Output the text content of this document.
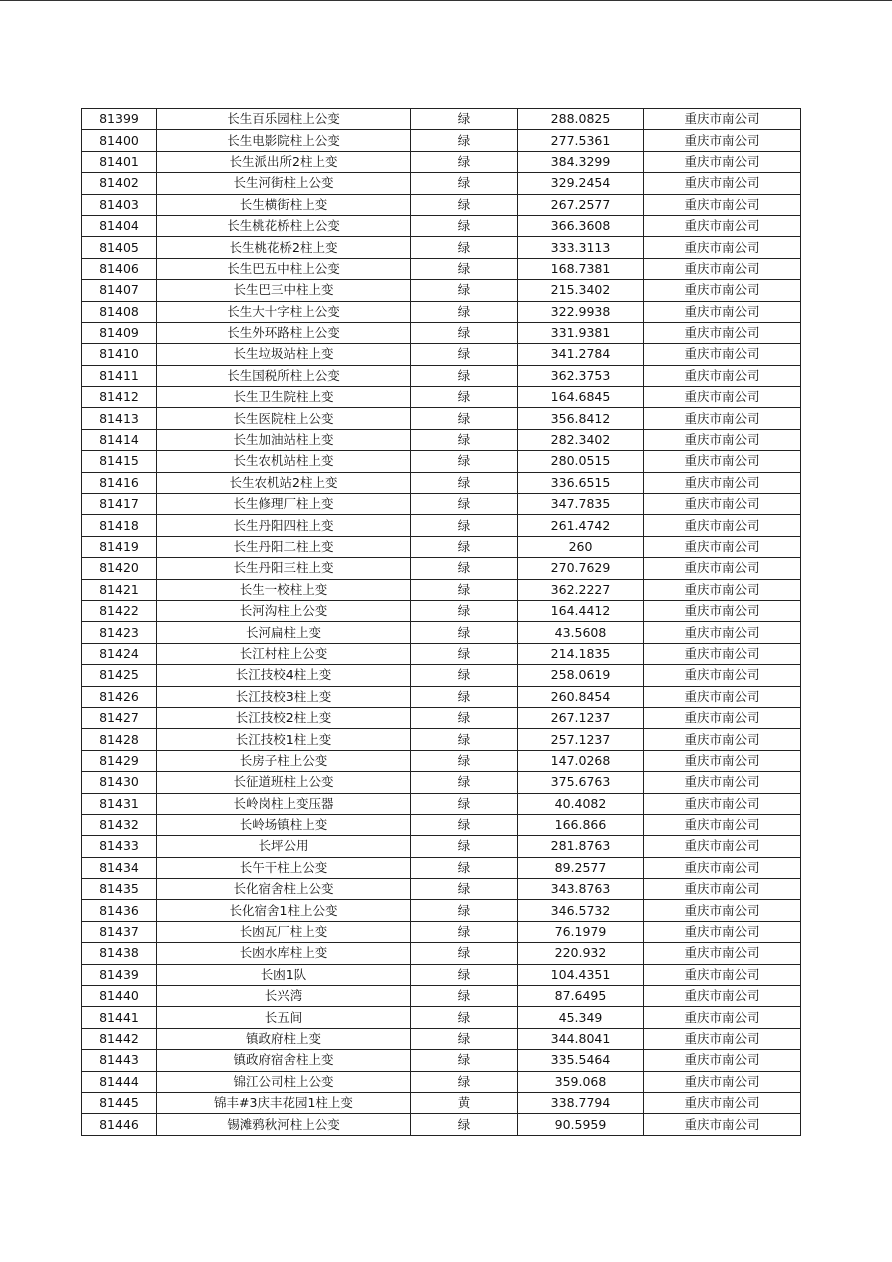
81399	长生百乐园柱上公变	绿	288.0825	重庆市南公司
81400	长生电影院柱上公变	绿	277.5361	重庆市南公司
81401	长生派出所2柱上变	绿	384.3299	重庆市南公司
81402	长生河街柱上公变	绿	329.2454	重庆市南公司
81403	长生横街柱上变	绿	267.2577	重庆市南公司
81404	长生桃花桥柱上公变	绿	366.3608	重庆市南公司
81405	长生桃花桥2柱上变	绿	333.3113	重庆市南公司
81406	长生巴五中柱上公变	绿	168.7381	重庆市南公司
81407	长生巴三中柱上变	绿	215.3402	重庆市南公司
81408	长生大十字柱上公变	绿	322.9938	重庆市南公司
81409	长生外环路柱上公变	绿	331.9381	重庆市南公司
81410	长生垃圾站柱上变	绿	341.2784	重庆市南公司
81411	长生国税所柱上公变	绿	362.3753	重庆市南公司
81412	长生卫生院柱上变	绿	164.6845	重庆市南公司
81413	长生医院柱上公变	绿	356.8412	重庆市南公司
81414	长生加油站柱上变	绿	282.3402	重庆市南公司
81415	长生农机站柱上变	绿	280.0515	重庆市南公司
81416	长生农机站2柱上变	绿	336.6515	重庆市南公司
81417	长生修理厂柱上变	绿	347.7835	重庆市南公司
81418	长生丹阳四柱上变	绿	261.4742	重庆市南公司
81419	长生丹阳二柱上变	绿	260	重庆市南公司
81420	长生丹阳三柱上变	绿	270.7629	重庆市南公司
81421	长生一校柱上变	绿	362.2227	重庆市南公司
81422	长河沟柱上公变	绿	164.4412	重庆市南公司
81423	长河扁柱上变	绿	43.5608	重庆市南公司
81424	长江村柱上公变	绿	214.1835	重庆市南公司
81425	长江技校4柱上变	绿	258.0619	重庆市南公司
81426	长江技校3柱上变	绿	260.8454	重庆市南公司
81427	长江技校2柱上变	绿	267.1237	重庆市南公司
81428	长江技校1柱上变	绿	257.1237	重庆市南公司
81429	长房子柱上公变	绿	147.0268	重庆市南公司
81430	长征道班柱上公变	绿	375.6763	重庆市南公司
81431	长岭岗柱上变压器	绿	40.4082	重庆市南公司
81432	长岭场镇柱上变	绿	166.866	重庆市南公司
81433	长坪公用	绿	281.8763	重庆市南公司
81434	长午干柱上公变	绿	89.2577	重庆市南公司
81435	长化宿舍柱上公变	绿	343.8763	重庆市南公司
81436	长化宿舍1柱上公变	绿	346.5732	重庆市南公司
81437	长凼瓦厂柱上变	绿	76.1979	重庆市南公司
81438	长凼水库柱上变	绿	220.932	重庆市南公司
81439	长凼1队	绿	104.4351	重庆市南公司
81440	长兴湾	绿	87.6495	重庆市南公司
81441	长五间	绿	45.349	重庆市南公司
81442	镇政府柱上变	绿	344.8041	重庆市南公司
81443	镇政府宿舍柱上变	绿	335.5464	重庆市南公司
81444	锦江公司柱上公变	绿	359.068	重庆市南公司
81445	锦丰#3庆丰花园1柱上变	黄	338.7794	重庆市南公司
81446	锡滩鸦秋河柱上公变	绿	90.5959	重庆市南公司
